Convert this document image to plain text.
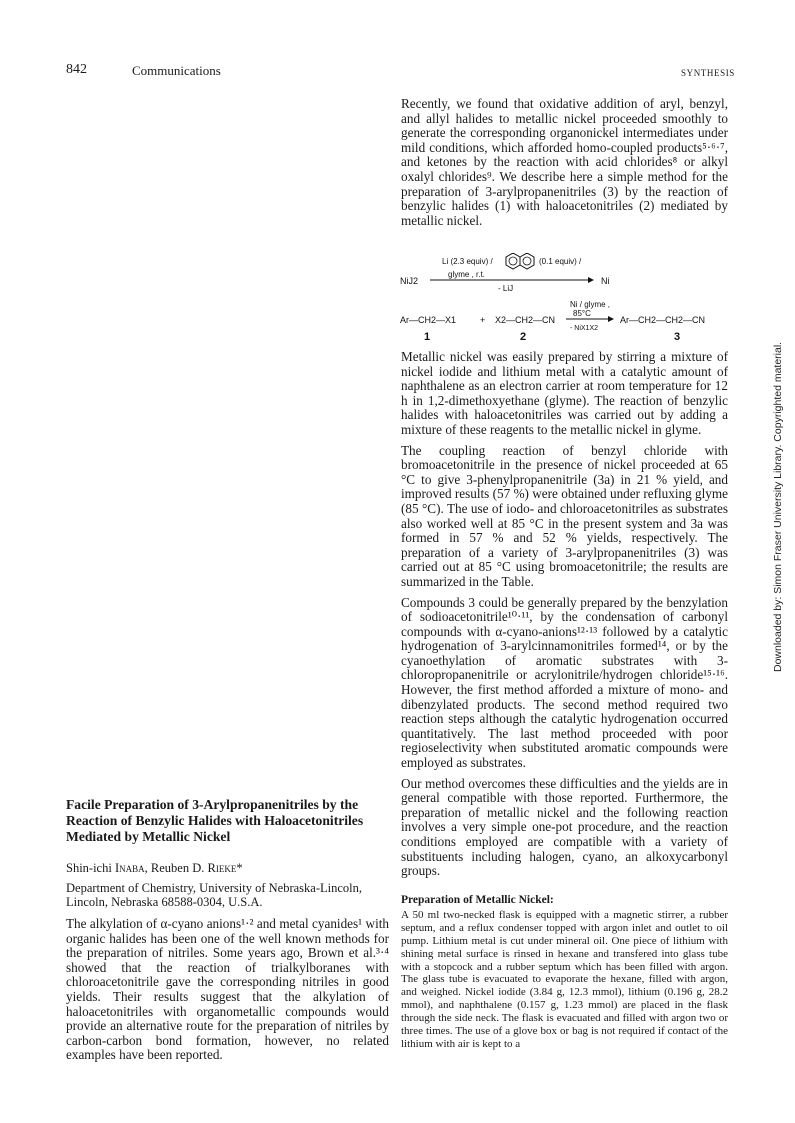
842	Communications	SYNTHESIS

Recently, we found that oxidative addition of aryl, benzyl, and allyl halides to metallic nickel proceeded smoothly to generate the corresponding organonickel intermediates under mild conditions, which afforded homo-coupled products⁵·⁶·⁷, and ketones by the reaction with acid chlorides⁸ or alkyl oxalyl chlorides⁹. We describe here a simple method for the preparation of 3-arylpropanenitriles (3) by the reaction of benzylic halides (1) with haloacetonitriles (2) mediated by metallic nickel.

Li (2.3 equiv) /	(0.1 equiv) /
glyme , r.t.
NiJ2
- LiJ
Ni
Ni / glyme ,
85°C
Ar—CH2—X1	+ X2—CH2—CN
- NiX1X2
Ar—CH2—CH2—CN
1	2	3

Metallic nickel was easily prepared by stirring a mixture of nickel iodide and lithium metal with a catalytic amount of naphthalene as an electron carrier at room temperature for 12 h in 1,2-dimethoxyethane (glyme). The reaction of benzylic halides with haloacetonitriles was carried out by adding a mixture of these reagents to the metallic nickel in glyme.

The coupling reaction of benzyl chloride with bromoacetonitrile in the presence of nickel proceeded at 65 °C to give 3-phenylpropanenitrile (3a) in 21 % yield, and improved results (57 %) were obtained under refluxing glyme (85 °C). The use of iodo- and chloroacetonitriles as substrates also worked well at 85 °C in the present system and 3a was formed in 57 % and 52 % yields, respectively. The preparation of a variety of 3-arylpropanenitriles (3) was carried out at 85 °C using bromoacetonitrile; the results are summarized in the Table.

Compounds 3 could be generally prepared by the benzylation of sodioacetonitrile¹⁰·¹¹, by the condensation of carbonyl compounds with α-cyano-anions¹²·¹³ followed by a catalytic hydrogenation of 3-arylcinnamonitriles formed¹⁴, or by the cyanoethylation of aromatic substrates with 3-chloropropanenitrile or acrylonitrile/hydrogen chloride¹⁵·¹⁶. However, the first method afforded a mixture of mono- and dibenzylated products. The second method required two reaction steps although the catalytic hydrogenation occurred quantitatively. The last method proceeded with poor regioselectivity when substituted aromatic compounds were employed as substrates.

Our method overcomes these difficulties and the yields are in general compatible with those reported. Furthermore, the preparation of metallic nickel and the following reaction involves a very simple one-pot procedure, and the reaction conditions employed are compatible with a variety of substituents including halogen, cyano, an alkoxycarbonyl groups.

Preparation of Metallic Nickel:
A 50 ml two-necked flask is equipped with a magnetic stirrer, a rubber septum, and a reflux condenser topped with argon inlet and outlet to oil pump. Lithium metal is cut under mineral oil. One piece of lithium with shining metal surface is rinsed in hexane and transfered into glass tube with a stopcock and a rubber septum which has been filled with argon. The glass tube is evacuated to evaporate the hexane, filled with argon, and weighed. Nickel iodide (3.84 g, 12.3 mmol), lithium (0.196 g, 28.2 mmol), and naphthalene (0.157 g, 1.23 mmol) are placed in the flask through the side neck. The flask is evacuated and filled with argon two or three times. The use of a glove box or bag is not required if contact of the lithium with air is kept to a
Facile Preparation of 3-Arylpropanenitriles by the Reaction of Benzylic Halides with Haloacetonitriles Mediated by Metallic Nickel
Shin-ichi Inaba, Reuben D. Rieke*
Department of Chemistry, University of Nebraska-Lincoln, Lincoln, Nebraska 68588-0304, U.S.A.

The alkylation of α-cyano anions¹·² and metal cyanides¹ with organic halides has been one of the well known methods for the preparation of nitriles. Some years ago, Brown et al.³·⁴ showed that the reaction of trialkylboranes with chloroacetonitrile gave the corresponding nitriles in good yields. Their results suggest that the alkylation of haloacetonitriles with organometallic compounds would provide an alternative route for the preparation of nitriles by carbon-carbon bond formation, however, no related examples have been reported.

Downloaded by: Simon Fraser University Library. Copyrighted material.
